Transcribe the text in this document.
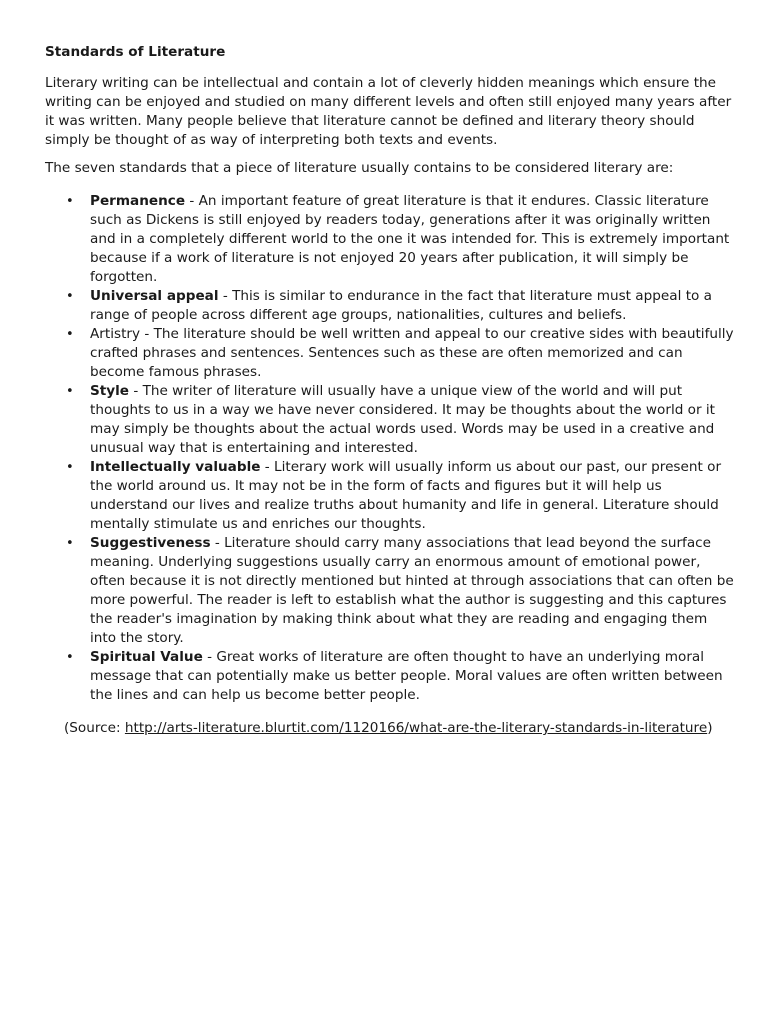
Standards of Literature

Literary writing can be intellectual and contain a lot of cleverly hidden meanings which ensure the writing can be enjoyed and studied on many different levels and often still enjoyed many years after it was written. Many people believe that literature cannot be defined and literary theory should simply be thought of as way of interpreting both texts and events.

The seven standards that a piece of literature usually contains to be considered literary are:

• Permanence - An important feature of great literature is that it endures. Classic literature such as Dickens is still enjoyed by readers today, generations after it was originally written and in a completely different world to the one it was intended for. This is extremely important because if a work of literature is not enjoyed 20 years after publication, it will simply be forgotten.
• Universal appeal - This is similar to endurance in the fact that literature must appeal to a range of people across different age groups, nationalities, cultures and beliefs.
• Artistry - The literature should be well written and appeal to our creative sides with beautifully crafted phrases and sentences. Sentences such as these are often memorized and can become famous phrases.
• Style - The writer of literature will usually have a unique view of the world and will put thoughts to us in a way we have never considered. It may be thoughts about the world or it may simply be thoughts about the actual words used. Words may be used in a creative and unusual way that is entertaining and interested.
• Intellectually valuable - Literary work will usually inform us about our past, our present or the world around us. It may not be in the form of facts and figures but it will help us understand our lives and realize truths about humanity and life in general. Literature should mentally stimulate us and enriches our thoughts.
• Suggestiveness - Literature should carry many associations that lead beyond the surface meaning. Underlying suggestions usually carry an enormous amount of emotional power, often because it is not directly mentioned but hinted at through associations that can often be more powerful. The reader is left to establish what the author is suggesting and this captures the reader's imagination by making think about what they are reading and engaging them into the story.
• Spiritual Value - Great works of literature are often thought to have an underlying moral message that can potentially make us better people. Moral values are often written between the lines and can help us become better people.
(Source: http://arts-literature.blurtit.com/1120166/what-are-the-literary-standards-in-literature)
